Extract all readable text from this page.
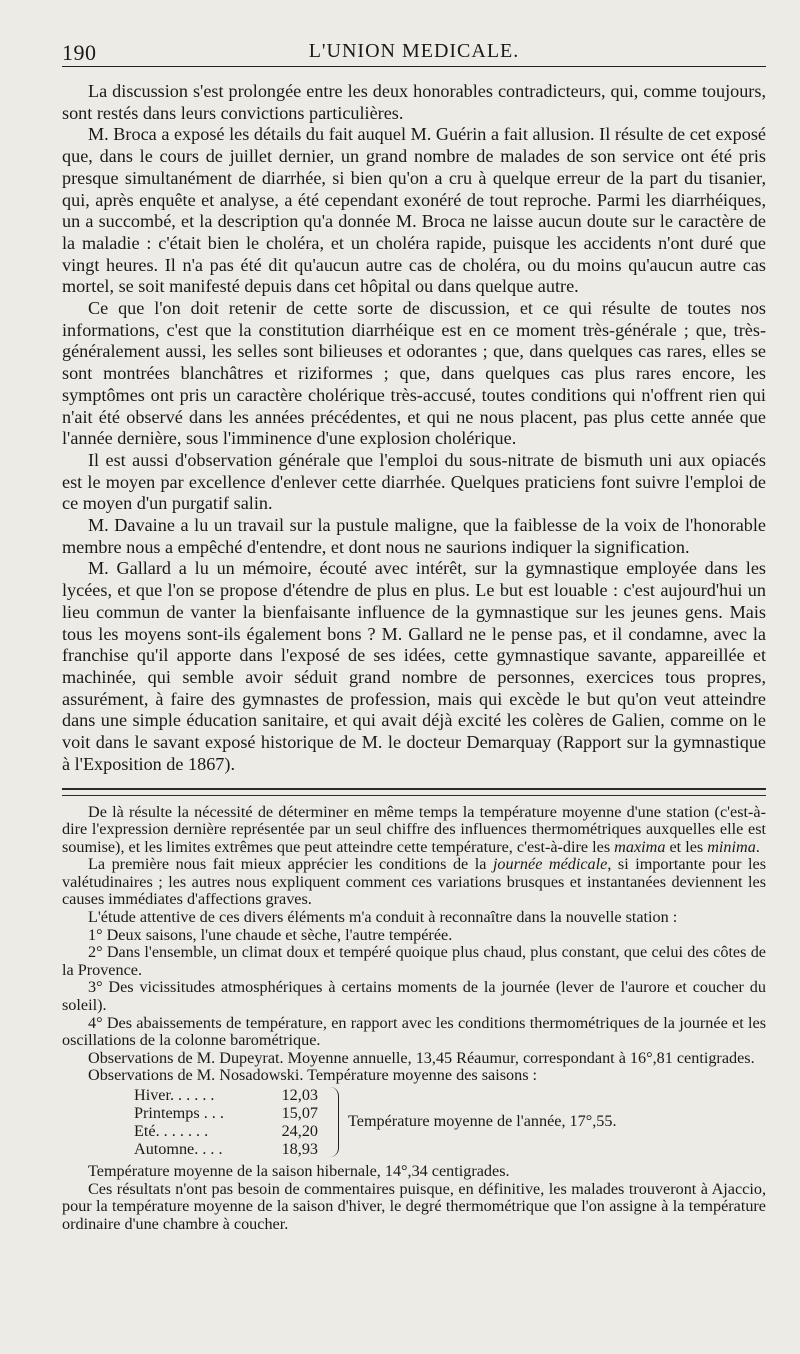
190	L'UNION MEDICALE.

La discussion s'est prolongée entre les deux honorables contradicteurs, qui, comme toujours, sont restés dans leurs convictions particulières.

M. Broca a exposé les détails du fait auquel M. Guérin a fait allusion. Il résulte de cet exposé que, dans le cours de juillet dernier, un grand nombre de malades de son service ont été pris presque simultanément de diarrhée, si bien qu'on a cru à quelque erreur de la part du tisanier, qui, après enquête et analyse, a été cependant exonéré de tout reproche. Parmi les diarrhéiques, un a succombé, et la description qu'a donnée M. Broca ne laisse aucun doute sur le caractère de la maladie : c'était bien le choléra, et un choléra rapide, puisque les accidents n'ont duré que vingt heures. Il n'a pas été dit qu'aucun autre cas de choléra, ou du moins qu'aucun autre cas mortel, se soit manifesté depuis dans cet hôpital ou dans quelque autre.

Ce que l'on doit retenir de cette sorte de discussion, et ce qui résulte de toutes nos informations, c'est que la constitution diarrhéique est en ce moment très-générale ; que, très-généralement aussi, les selles sont bilieuses et odorantes ; que, dans quelques cas rares, elles se sont montrées blanchâtres et riziformes ; que, dans quelques cas plus rares encore, les symptômes ont pris un caractère cholérique très-accusé, toutes conditions qui n'offrent rien qui n'ait été observé dans les années précédentes, et qui ne nous placent, pas plus cette année que l'année dernière, sous l'imminence d'une explosion cholérique.

Il est aussi d'observation générale que l'emploi du sous-nitrate de bismuth uni aux opiacés est le moyen par excellence d'enlever cette diarrhée. Quelques praticiens font suivre l'emploi de ce moyen d'un purgatif salin.

M. Davaine a lu un travail sur la pustule maligne, que la faiblesse de la voix de l'honorable membre nous a empêché d'entendre, et dont nous ne saurions indiquer la signification.

M. Gallard a lu un mémoire, écouté avec intérêt, sur la gymnastique employée dans les lycées, et que l'on se propose d'étendre de plus en plus. Le but est louable : c'est aujourd'hui un lieu commun de vanter la bienfaisante influence de la gymnastique sur les jeunes gens. Mais tous les moyens sont-ils également bons ? M. Gallard ne le pense pas, et il condamne, avec la franchise qu'il apporte dans l'exposé de ses idées, cette gymnastique savante, appareillée et machinée, qui semble avoir séduit grand nombre de personnes, exercices tous propres, assurément, à faire des gymnastes de profession, mais qui excède le but qu'on veut atteindre dans une simple éducation sanitaire, et qui avait déjà excité les colères de Galien, comme on le voit dans le savant exposé historique de M. le docteur Demarquay (Rapport sur la gymnastique à l'Exposition de 1867).

De là résulte la nécessité de déterminer en même temps la température moyenne d'une station (c'est-à-dire l'expression dernière représentée par un seul chiffre des influences thermométriques auxquelles elle est soumise), et les limites extrêmes que peut atteindre cette température, c'est-à-dire les maxima et les minima.

La première nous fait mieux apprécier les conditions de la journée médicale, si importante pour les valétudinaires ; les autres nous expliquent comment ces variations brusques et instantanées deviennent les causes immédiates d'affections graves.

L'étude attentive de ces divers éléments m'a conduit à reconnaître dans la nouvelle station :

1° Deux saisons, l'une chaude et sèche, l'autre tempérée.

2° Dans l'ensemble, un climat doux et tempéré quoique plus chaud, plus constant, que celui des côtes de la Provence.

3° Des vicissitudes atmosphériques à certains moments de la journée (lever de l'aurore et coucher du soleil).

4° Des abaissements de température, en rapport avec les conditions thermométriques de la journée et les oscillations de la colonne barométrique.

Observations de M. Dupeyrat. Moyenne annuelle, 13,45 Réaumur, correspondant à 16°,81 centigrades.

Observations de M. Nosadowski. Température moyenne des saisons :

Hiver. . . . . .	12,03
Printemps . . .	15,07
Eté. . . . . . .	24,20
Automne. . . .	18,93
Température moyenne de l'année, 17°,55.

Température moyenne de la saison hibernale, 14°,34 centigrades.

Ces résultats n'ont pas besoin de commentaires puisque, en définitive, les malades trouveront à Ajaccio, pour la température moyenne de la saison d'hiver, le degré thermométrique que l'on assigne à la température ordinaire d'une chambre à coucher.
